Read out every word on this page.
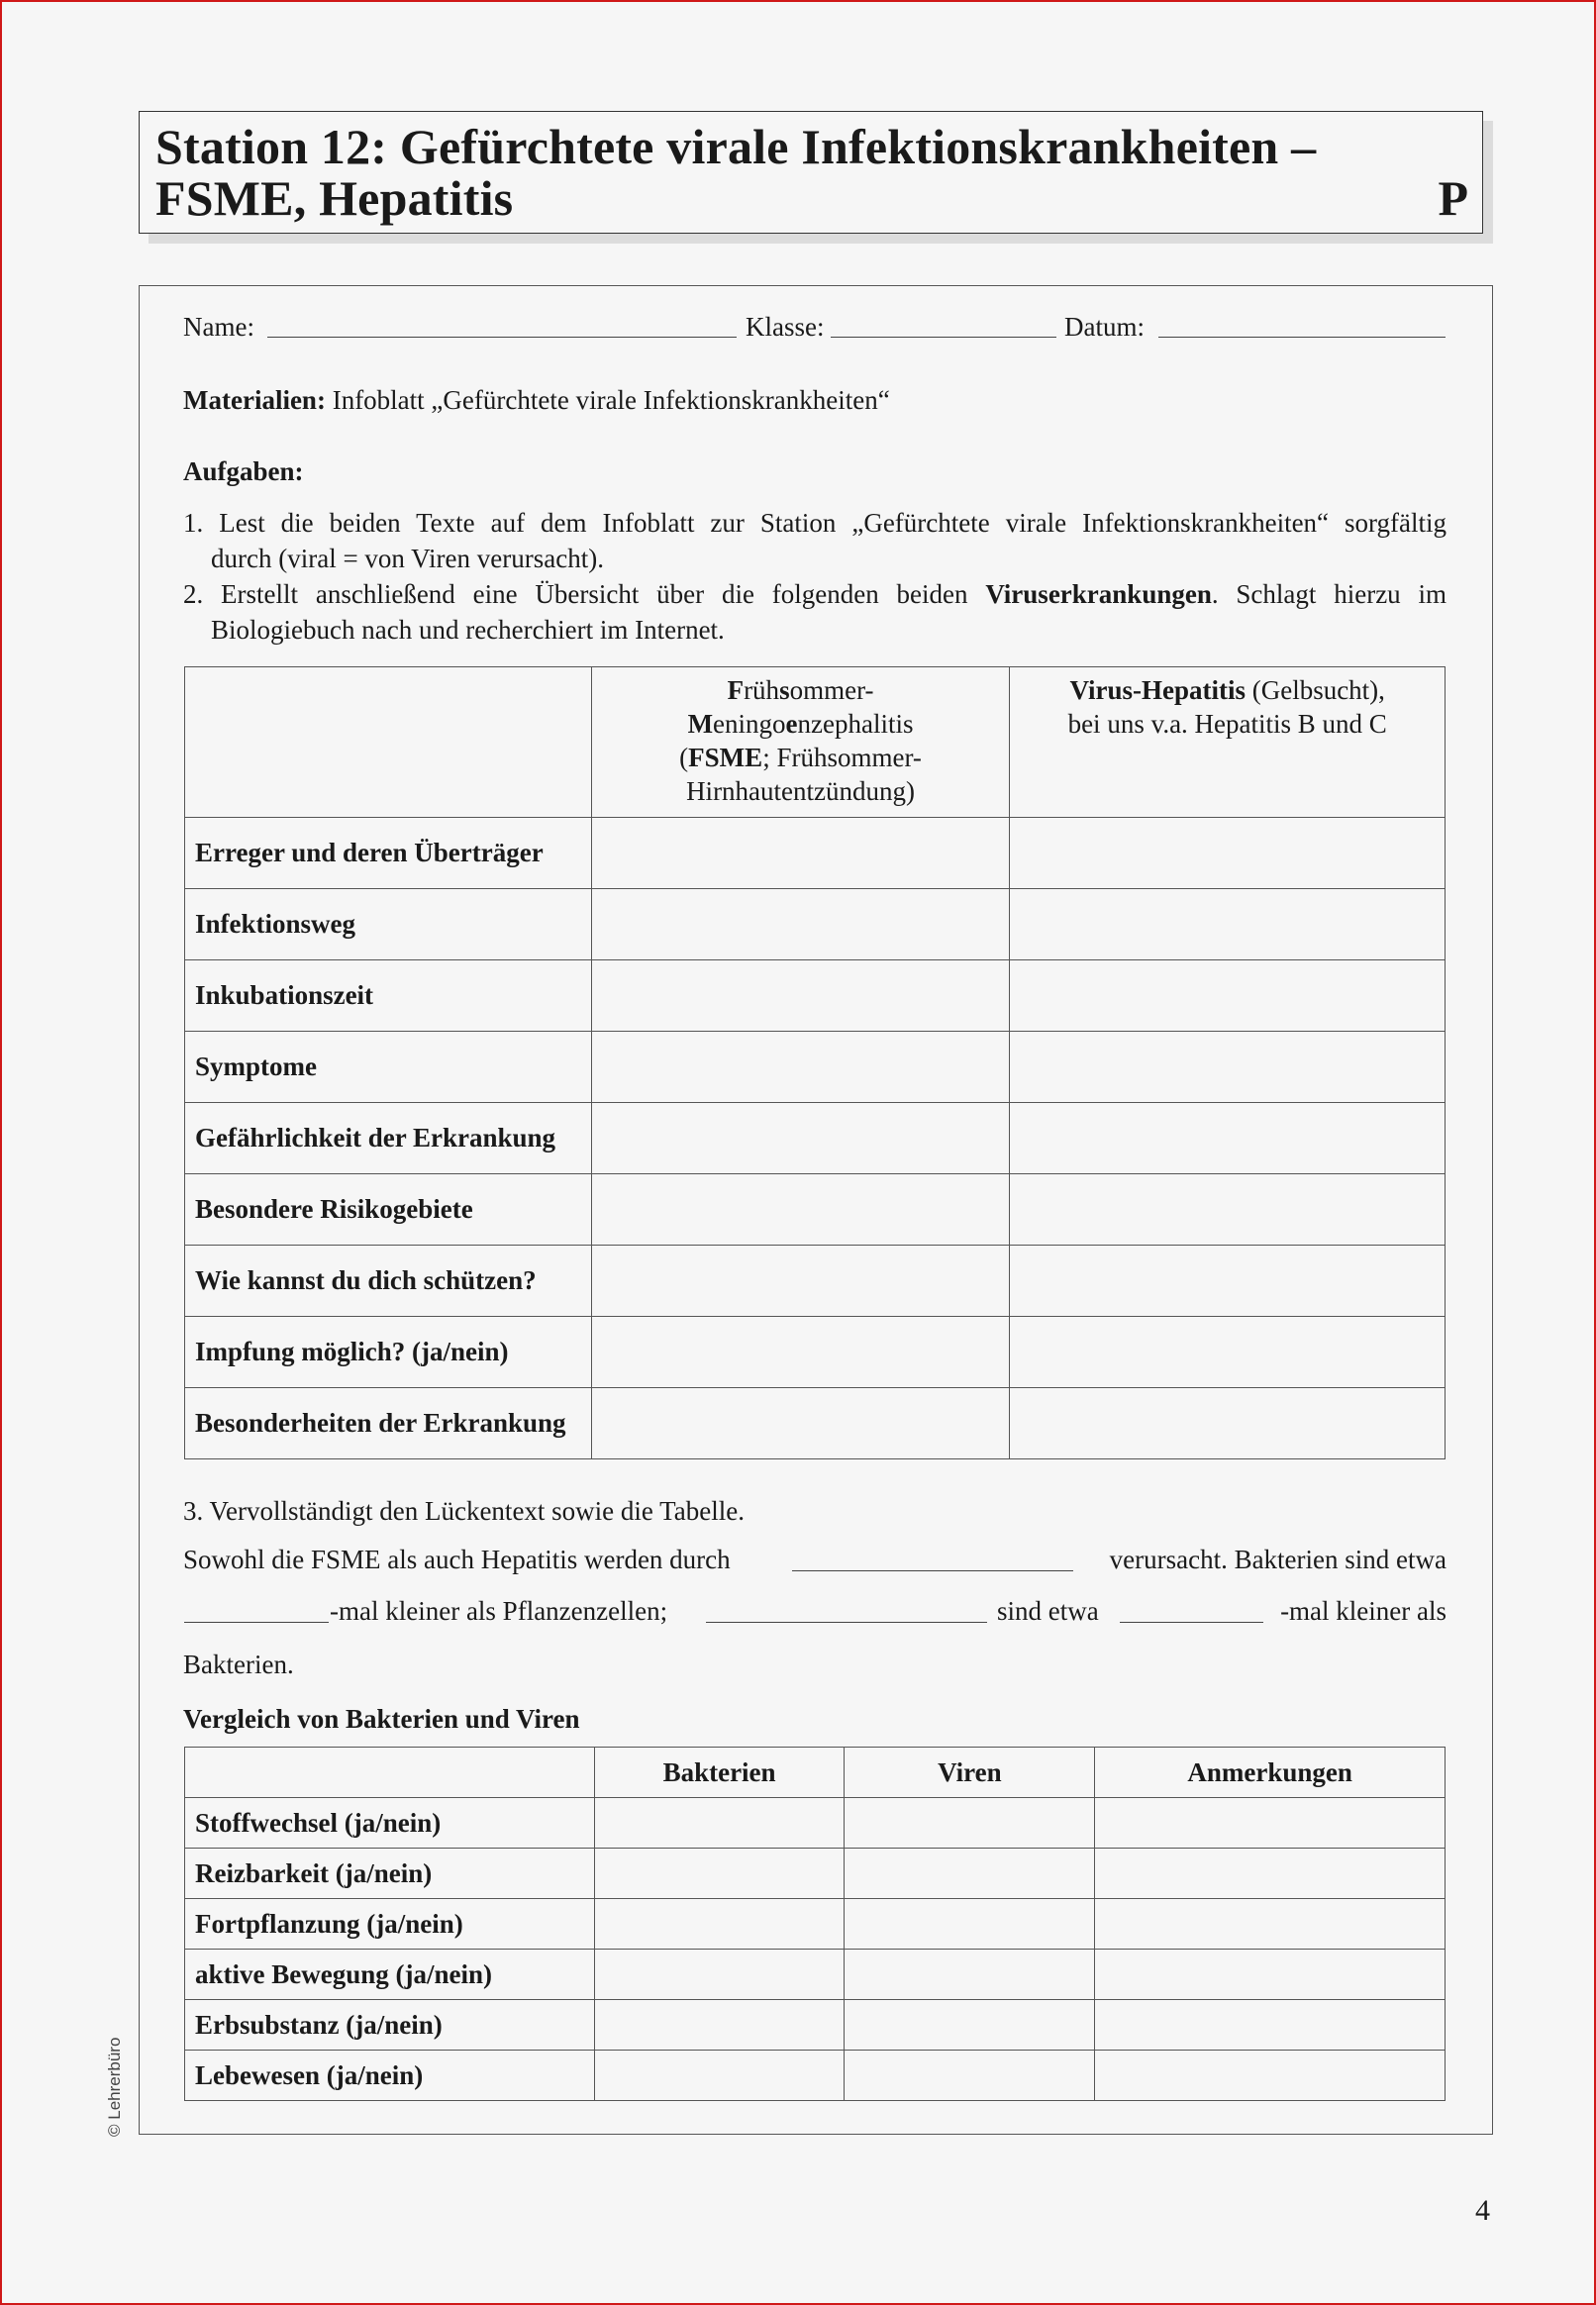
Station 12: Gefürchtete virale Infektionskrankheiten –
FSME, Hepatitis	P
Name:	Klasse:	Datum:
Materialien: Infoblatt „Gefürchtete virale Infektionskrankheiten“
Aufgaben:
1. Lest die beiden Texte auf dem Infoblatt zur Station „Gefürchtete virale Infektionskrankheiten“ sorgfältig
durch (viral = von Viren verursacht).
2. Erstellt anschließend eine Übersicht über die folgenden beiden Viruserkrankungen. Schlagt hierzu im
Biologiebuch nach und recherchiert im Internet.
	Frühsommer-
Meningoenzephalitis
(FSME; Frühsommer-
Hirnhautentzündung)	Virus-Hepatitis (Gelbsucht),
bei uns v.a. Hepatitis B und C
Erreger und deren Überträger		
Infektionsweg		
Inkubationszeit		
Symptome		
Gefährlichkeit der Erkrankung		
Besondere Risikogebiete		
Wie kannst du dich schützen?		
Impfung möglich? (ja/nein)		
Besonderheiten der Erkrankung		
3. Vervollständigt den Lückentext sowie die Tabelle.
Sowohl die FSME als auch Hepatitis werden durch	verursacht. Bakterien sind etwa
-mal kleiner als Pflanzenzellen;	sind etwa	-mal kleiner als
Bakterien.
Vergleich von Bakterien und Viren
	Bakterien	Viren	Anmerkungen
Stoffwechsel (ja/nein)			
Reizbarkeit (ja/nein)			
Fortpflanzung (ja/nein)			
aktive Bewegung (ja/nein)			
Erbsubstanz (ja/nein)			
Lebewesen (ja/nein)			
© Lehrerbüro
4
